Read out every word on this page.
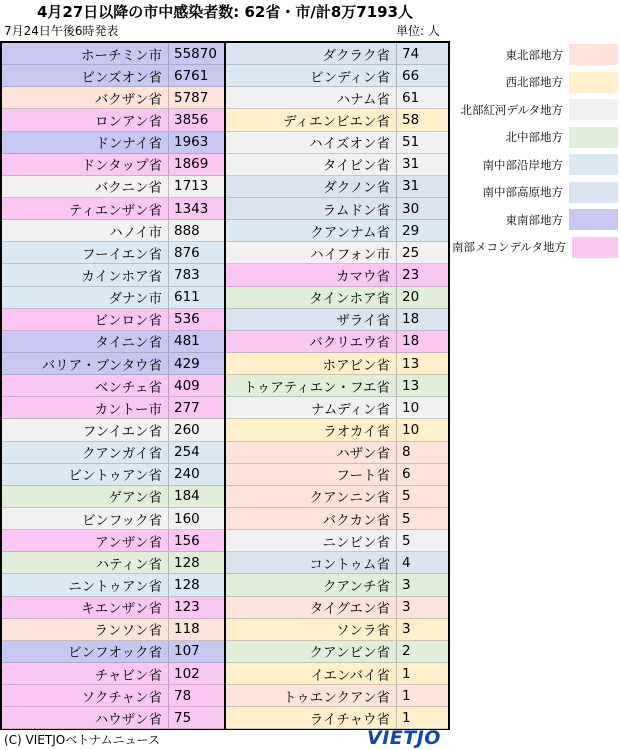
4月27日以降の市中感染者数: 62省・市/計8万7193人
7月24日午後6時発表	単位: 人
ホーチミン市 55870
ビンズオン省 6761
バクザン省 5787
ロンアン省 3856
ドンナイ省 1963
ドンタップ省 1869
バクニン省 1713
ティエンザン省 1343
ハノイ市 888
フーイエン省 876
カインホア省 783
ダナン市 611
ビンロン省 536
タイニン省 481
バリア・ブンタウ省 429
ベンチェ省 409
カントー市 277
フンイエン省 260
クアンガイ省 254
ビントゥアン省 240
ゲアン省 184
ビンフック省 160
アンザン省 156
ハティン省 128
ニントゥアン省 128
キエンザン省 123
ランソン省 118
ビンフオック省 107
チャビン省 102
ソクチャン省 78
ハウザン省 75
ダクラク省 74
ビンディン省 66
ハナム省 61
ディエンビエン省 58
ハイズオン省 51
タイビン省 31
ダクノン省 31
ラムドン省 30
クアンナム省 29
ハイフォン市 25
カマウ省 23
タインホア省 20
ザライ省 18
バクリエウ省 18
ホアビン省 13
トゥアティエン・フエ省 13
ナムディン省 10
ラオカイ省 10
ハザン省 8
フート省 6
クアンニン省 5
バクカン省 5
ニンビン省 5
コントゥム省 4
クアンチ省 3
タイグエン省 3
ソンラ省 3
クアンビン省 2
イエンバイ省 1
トゥエンクアン省 1
ライチャウ省 1
東北部地方
西北部地方
北部紅河デルタ地方
北中部地方
南中部沿岸地方
南中部高原地方
東南部地方
南部メコンデルタ地方
(C) VIETJOベトナムニュース	VIETJO
